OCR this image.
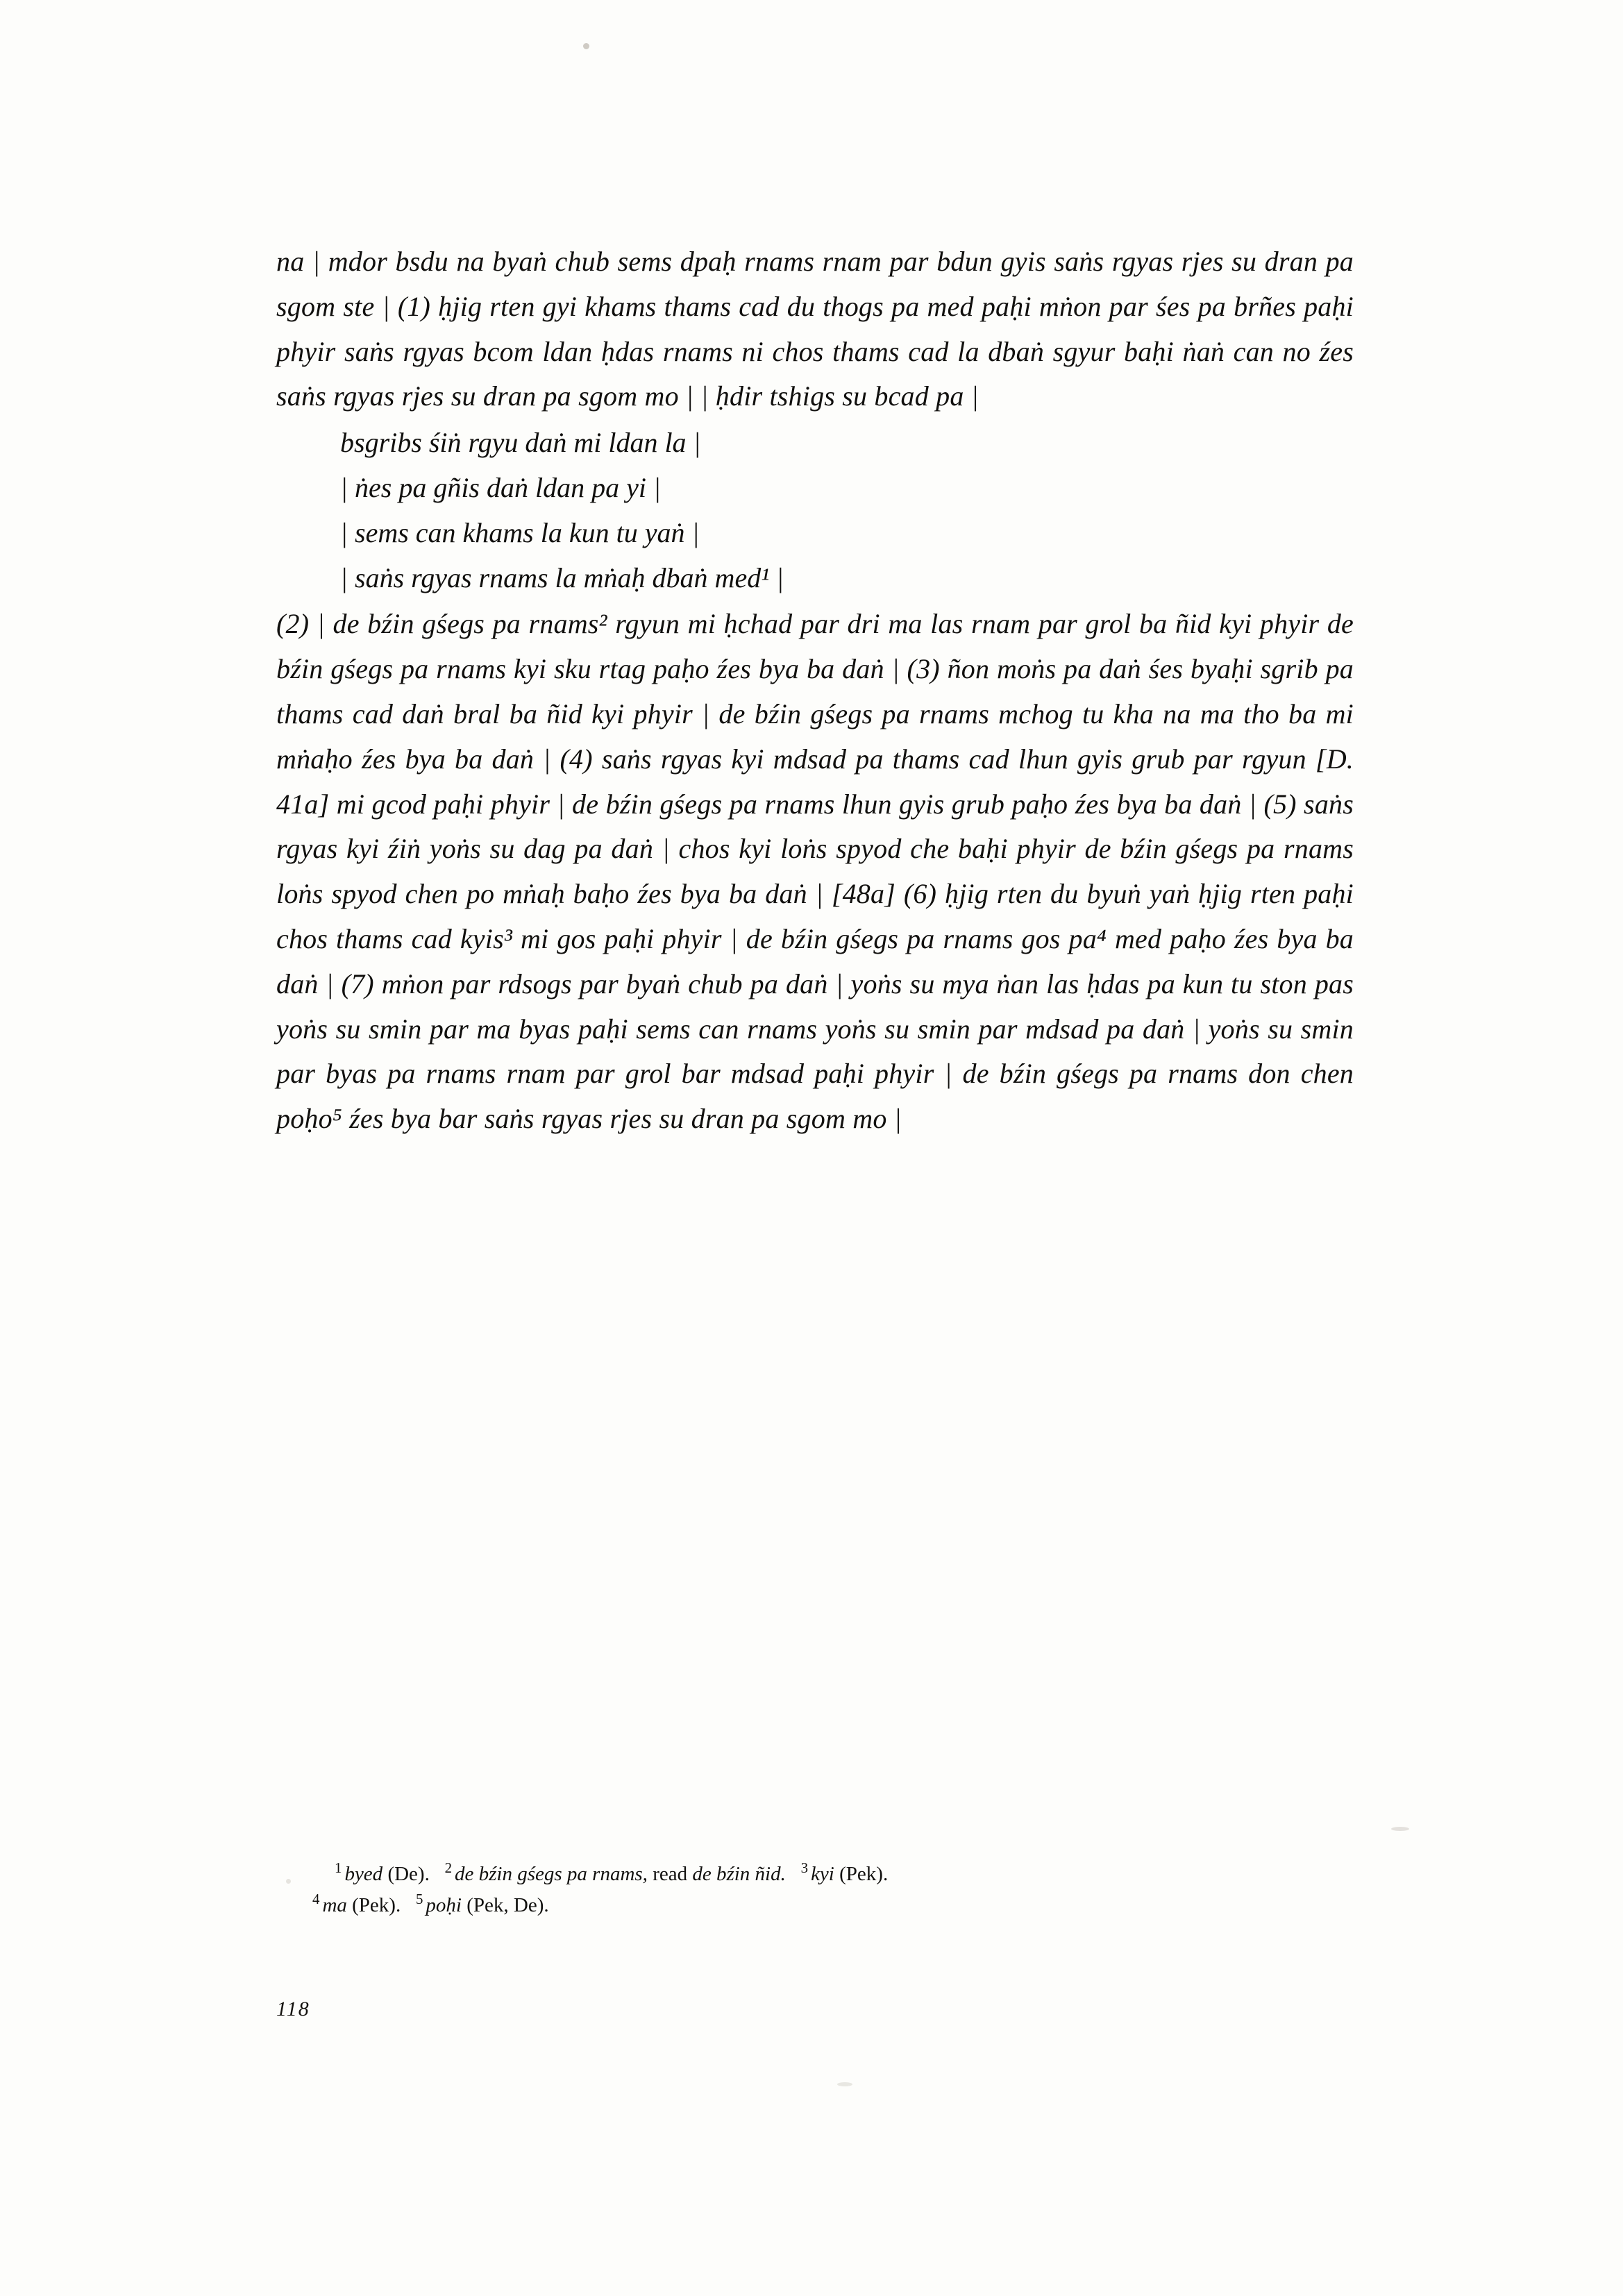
na | mdor bsdu na byaṅ chub sems dpaḥ rnams rnam par bdun gyis saṅs rgyas rjes su dran pa sgom ste | (1) ḥjig rten gyi khams thams cad du thogs pa med paḥi mṅon par śes pa brñes paḥi phyir saṅs rgyas bcom ldan ḥdas rnams ni chos thams cad la dbaṅ sgyur baḥi ṅaṅ can no źes saṅs rgyas rjes su dran pa sgom mo | | ḥdir tshigs su bcad pa |

bsgribs śiṅ rgyu daṅ mi ldan la |

| ṅes pa gñis daṅ ldan pa yi |

| sems can khams la kun tu yaṅ |

| saṅs rgyas rnams la mṅaḥ dbaṅ med¹ |

(2) | de bźin gśegs pa rnams² rgyun mi ḥchad par dri ma las rnam par grol ba ñid kyi phyir de bźin gśegs pa rnams kyi sku rtag paḥo źes bya ba daṅ | (3) ñon moṅs pa daṅ śes byaḥi sgrib pa thams cad daṅ bral ba ñid kyi phyir | de bźin gśegs pa rnams mchog tu kha na ma tho ba mi mṅaḥo źes bya ba daṅ | (4) saṅs rgyas kyi mdsad pa thams cad lhun gyis grub par rgyun [D. 41a] mi gcod paḥi phyir | de bźin gśegs pa rnams lhun gyis grub paḥo źes bya ba daṅ | (5) saṅs rgyas kyi źiṅ yoṅs su dag pa daṅ | chos kyi loṅs spyod che baḥi phyir de bźin gśegs pa rnams loṅs spyod chen po mṅaḥ baḥo źes bya ba daṅ | [48a] (6) ḥjig rten du byuṅ yaṅ ḥjig rten paḥi chos thams cad kyis³ mi gos paḥi phyir | de bźin gśegs pa rnams gos pa⁴ med paḥo źes bya ba daṅ | (7) mṅon par rdsogs par byaṅ chub pa daṅ | yoṅs su mya ṅan las ḥdas pa kun tu ston pas yoṅs su smin par ma byas paḥi sems can rnams yoṅs su smin par mdsad pa daṅ | yoṅs su smin par byas pa rnams rnam par grol bar mdsad paḥi phyir | de bźin gśegs pa rnams don chen poḥo⁵ źes bya bar saṅs rgyas rjes su dran pa sgom mo |

$^1$ byed (De). $^2$ de bźin gśegs pa rnams, read de bźin ñid. $^3$ kyi (Pek).

$^4$ ma (Pek). $^5$ poḥi (Pek, De).

118
